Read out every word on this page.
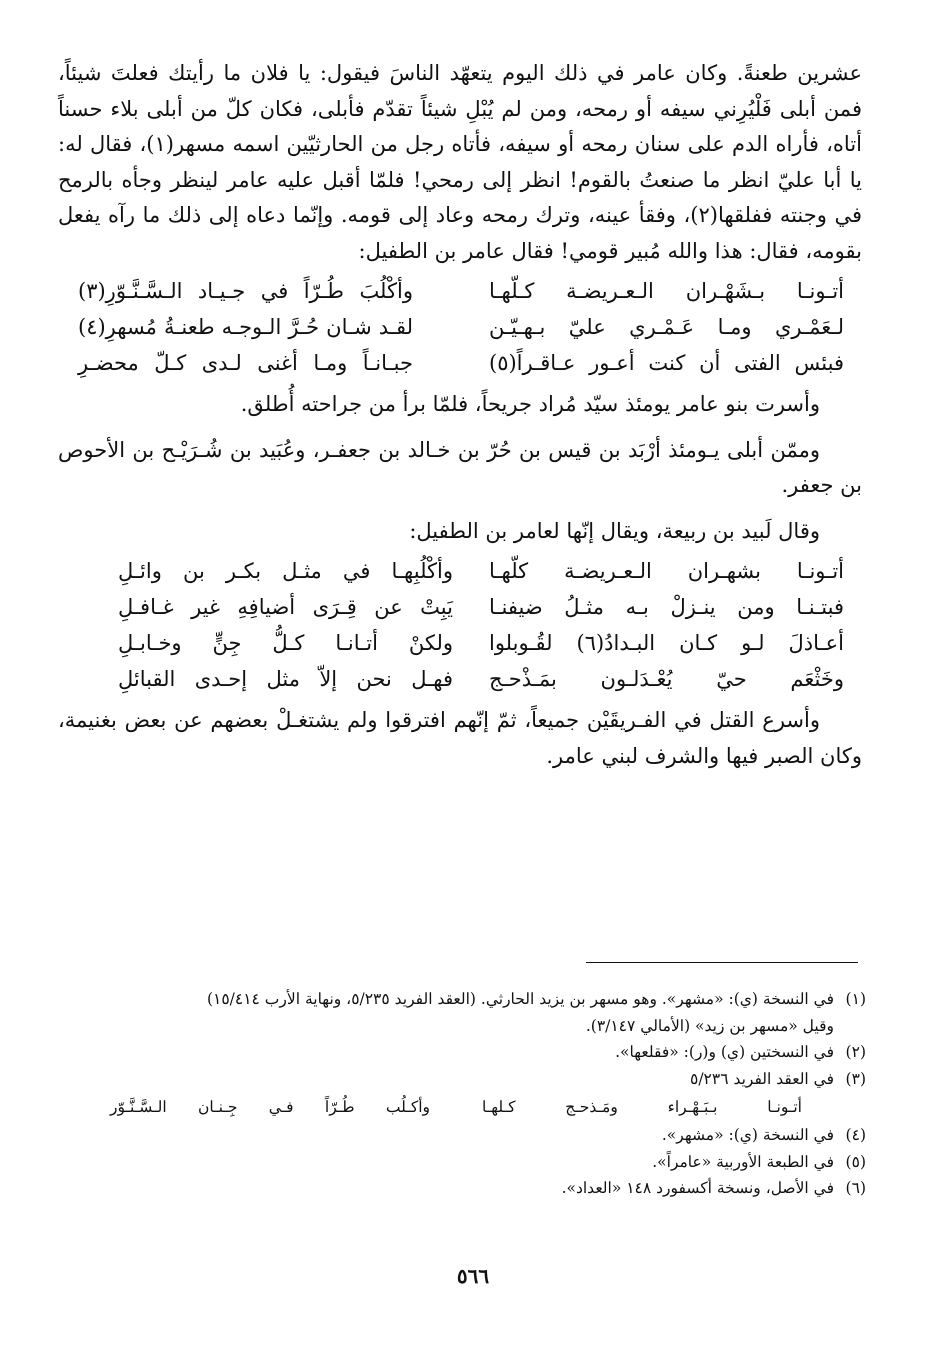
عشرين طعنةً. وكان عامر في ذلك اليوم يتعهّد الناسَ فيقول: يا فلان ما رأيتك فعلتَ شيئاً، فمن أبلى فَلْيُرِني سيفه أو رمحه، ومن لم يُبْلِ شيئاً تقدّم فأبلى، فكان كلّ من أبلى بلاء حسناً أتاه، فأراه الدم على سنان رمحه أو سيفه، فأتاه رجل من الحارثيّين اسمه مسهر(١)، فقال له: يا أبا عليّ انظر ما صنعتُ بالقوم! انظر إلى رمحي! فلمّا أقبل عليه عامر لينظر وجأه بالرمح في وجنته ففلقها(٢)، وفقأ عينه، وترك رمحه وعاد إلى قومه. وإنّما دعاه إلى ذلك ما رآه يفعل بقومه، فقال: هذا والله مُبير قومي! فقال عامر بن الطفيل:

أتـونـا بـشَهْـران الـعـريضـة كـلّهـا
وأكْلُبَ طُـرّاً في جـيـاد الـسَّـنَّـوّرِ(٣)
لـعَمْـري ومـا عَـمْـري عليّ بـهـيّـن
لقـد شـان حُـرَّ الـوجـه طعنـةُ مُسهرِ(٤)
فبئس الفتى أن كنت أعـور عـاقـراً(٥)
جبـانـاً ومـا أغنى لـدى كـلّ محضـرِ

وأسرت بنو عامر يومئذ سيّد مُراد جريحاً، فلمّا برأ من جراحته أُطلق.

وممّن أبلى يـومئذ أرْبَد بن قيس بن حُرّ بن خـالد بن جعفـر، وعُبَيد بن شُـرَيْـح بن الأحوص بن جعفر.

وقال لَبيد بن ربيعة، ويقال إنّها لعامر بن الطفيل:

أتـونـا بشهـران الـعـريضـة كلّهـا
وأكْلُبِهـا في مثـل بكـر بن وائـلِ
فبتـنـا ومن ينـزلْ بـه مثـلُ ضيفنـا
يَبِتْ عن قِـرَى أضيافِهِ غير غـافـلِ
أعـاذلَ لـو كـان البـدادُ(٦) لقُـوبلوا
ولكنْ أتـانـا كـلُّ جِنٍّ وخـابـلِ
وخَثْعَم حيّ يُعْـدَلـون بمَـذْحـج
فهـل نحن إلاّ مثل إحـدى القبائلِ

وأسرع القتل في الفـريقَيْن جميعاً، ثمّ إنّهم افترقوا ولم يشتغـلْ بعضهم عن بعض بغنيمة، وكان الصبر فيها والشرف لبني عامر.

(١)
في النسخة (ي): «مشهر». وهو مسهر بن يزيد الحارثي. (العقد الفريد ٥/٢٣٥، ونهاية الأرب ١٥/٤١٤)
وقيل «مسهر بن زيد» (الأمالي ٣/١٤٧).
(٢)
في النسختين (ي) و(ر): «فقلعها».
(٣)
في العقد الفريد ٥/٢٣٦
أتـونـا بـبَـهْـراء ومَـذحـج كـلهـا
وأكـلُب طُـرّاً فـي جِـنـان الـسَّـنَّـوّر
(٤)
في النسخة (ي): «مشهر».
(٥)
في الطبعة الأوربية «عامراً».
(٦)
في الأصل، ونسخة أكسفورد ١٤٨ «العداد».
٥٦٦
